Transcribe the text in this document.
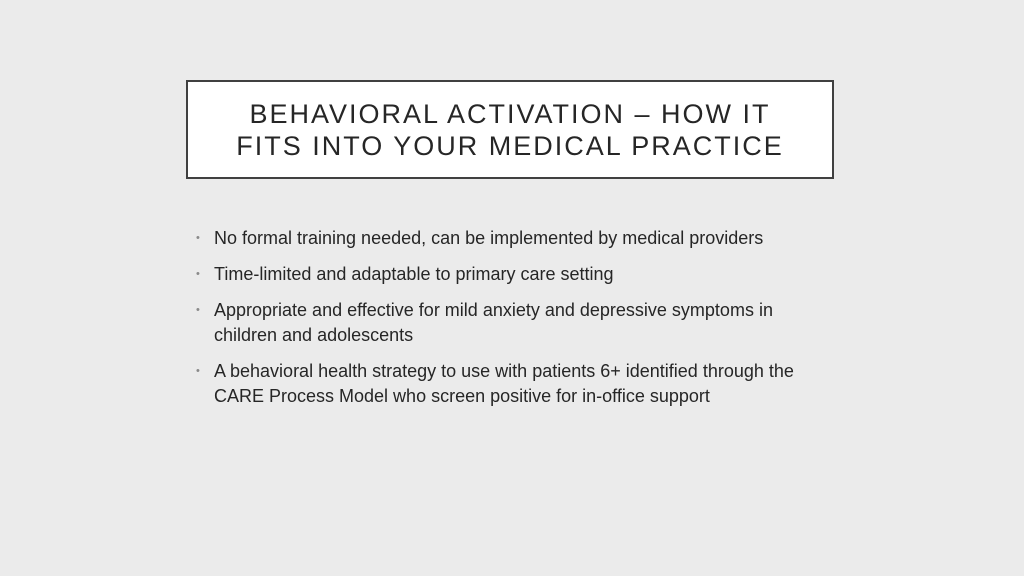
BEHAVIORAL ACTIVATION – HOW IT
FITS INTO YOUR MEDICAL PRACTICE
• No formal training needed, can be implemented by medical providers
• Time-limited and adaptable to primary care setting
• Appropriate and effective for mild anxiety and depressive symptoms in children and adolescents
• A behavioral health strategy to use with patients 6+ identified through the CARE Process Model who screen positive for in-office support
